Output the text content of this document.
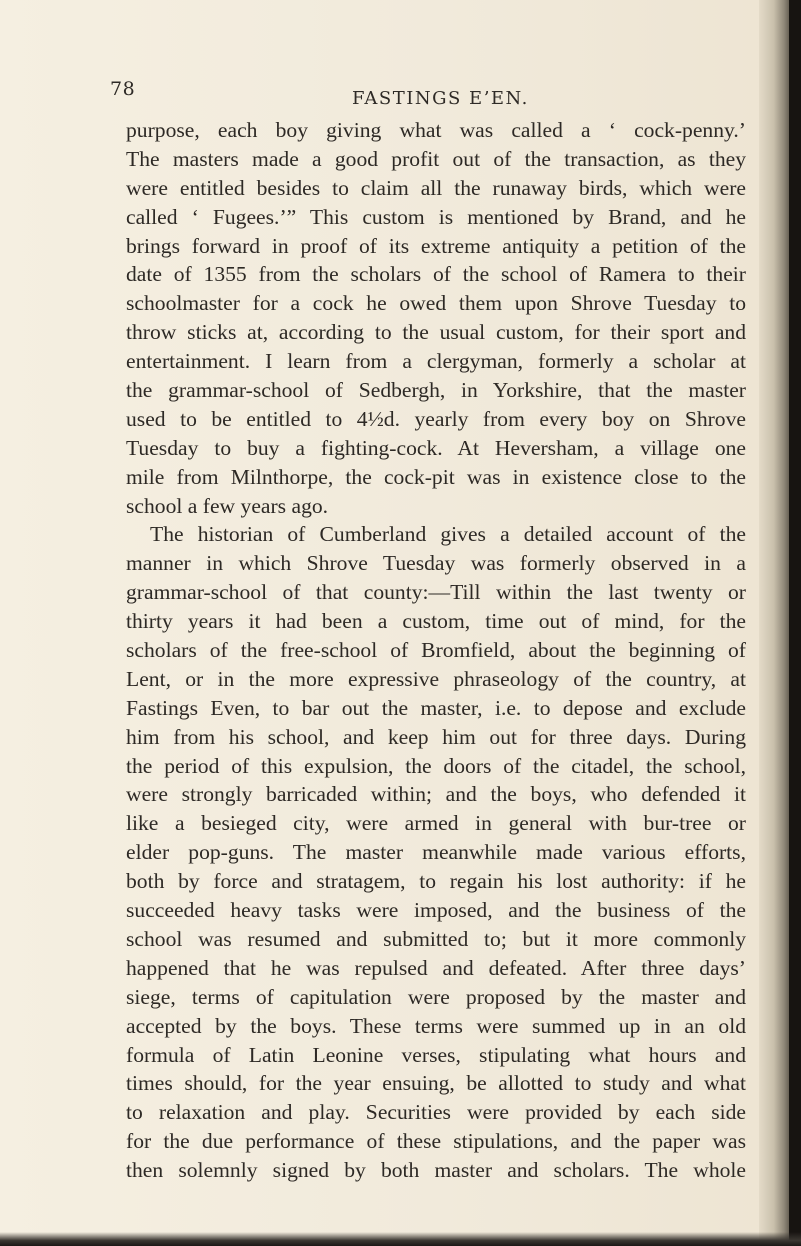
78	FASTINGS E’EN.
purpose, each boy giving what was called a ‘ cock-penny.’
The masters made a good profit out of the transaction, as they
were entitled besides to claim all the runaway birds, which were
called ‘ Fugees.’” This custom is mentioned by Brand, and he
brings forward in proof of its extreme antiquity a petition of the
date of 1355 from the scholars of the school of Ramera to their
schoolmaster for a cock he owed them upon Shrove Tuesday to
throw sticks at, according to the usual custom, for their sport and
entertainment. I learn from a clergyman, formerly a scholar at
the grammar-school of Sedbergh, in Yorkshire, that the master
used to be entitled to 4½d. yearly from every boy on Shrove
Tuesday to buy a fighting-cock. At Heversham, a village one
mile from Milnthorpe, the cock-pit was in existence close to the
school a few years ago.
The historian of Cumberland gives a detailed account of the
manner in which Shrove Tuesday was formerly observed in a
grammar-school of that county:—Till within the last twenty or
thirty years it had been a custom, time out of mind, for the
scholars of the free-school of Bromfield, about the beginning of
Lent, or in the more expressive phraseology of the country, at
Fastings Even, to bar out the master, i.e. to depose and exclude
him from his school, and keep him out for three days. During
the period of this expulsion, the doors of the citadel, the school,
were strongly barricaded within; and the boys, who defended it
like a besieged city, were armed in general with bur-tree or
elder pop-guns. The master meanwhile made various efforts,
both by force and stratagem, to regain his lost authority: if he
succeeded heavy tasks were imposed, and the business of the
school was resumed and submitted to; but it more commonly
happened that he was repulsed and defeated. After three days’
siege, terms of capitulation were proposed by the master and
accepted by the boys. These terms were summed up in an old
formula of Latin Leonine verses, stipulating what hours and
times should, for the year ensuing, be allotted to study and what
to relaxation and play. Securities were provided by each side
for the due performance of these stipulations, and the paper was
then solemnly signed by both master and scholars. The whole
